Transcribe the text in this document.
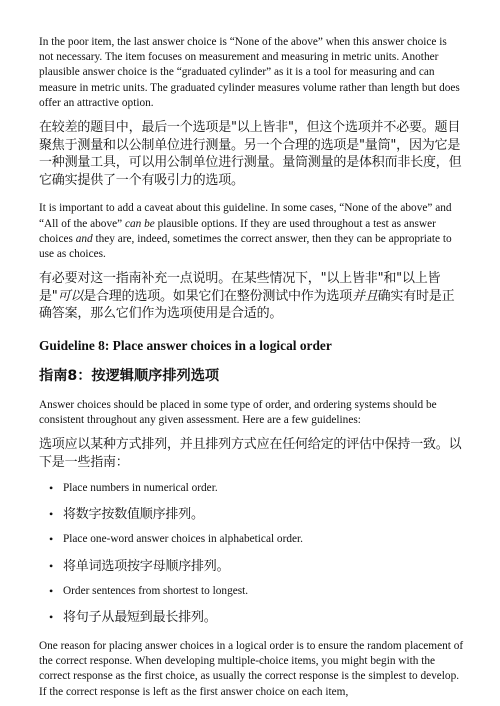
In the poor item, the last answer choice is “None of the above” when this answer choice is not necessary. The item focuses on measurement and measuring in metric units. Another plausible answer choice is the “graduated cylinder” as it is a tool for measuring and can measure in metric units. The graduated cylinder measures volume rather than length but does offer an attractive option.

在较差的题目中，最后一个选项是"以上皆非"，但这个选项并不必要。题目聚焦于测量和以公制单位进行测量。另一个合理的选项是"量筒"，因为它是一种测量工具，可以用公制单位进行测量。量筒测量的是体积而非长度，但它确实提供了一个有吸引力的选项。

It is important to add a caveat about this guideline. In some cases, “None of the above” and “All of the above” can be plausible options. If they are used throughout a test as answer choices and they are, indeed, sometimes the correct answer, then they can be appropriate to use as choices.

有必要对这一指南补充一点说明。在某些情况下，"以上皆非"和"以上皆是"可以是合理的选项。如果它们在整份测试中作为选项并且确实有时是正确答案，那么它们作为选项使用是合适的。

Guideline 8: Place answer choices in a logical order
指南8：按逻辑顺序排列选项

Answer choices should be placed in some type of order, and ordering systems should be consistent throughout any given assessment. Here are a few guidelines:

选项应以某种方式排列，并且排列方式应在任何给定的评估中保持一致。以下是一些指南：

• Place numbers in numerical order.
• 将数字按数值顺序排列。
• Place one-word answer choices in alphabetical order.
• 将单词选项按字母顺序排列。
• Order sentences from shortest to longest.
• 将句子从最短到最长排列。

One reason for placing answer choices in a logical order is to ensure the random placement of the correct response. When developing multiple-choice items, you might begin with the correct response as the first choice, as usually the correct response is the simplest to develop. If the correct response is left as the first answer choice on each item,
